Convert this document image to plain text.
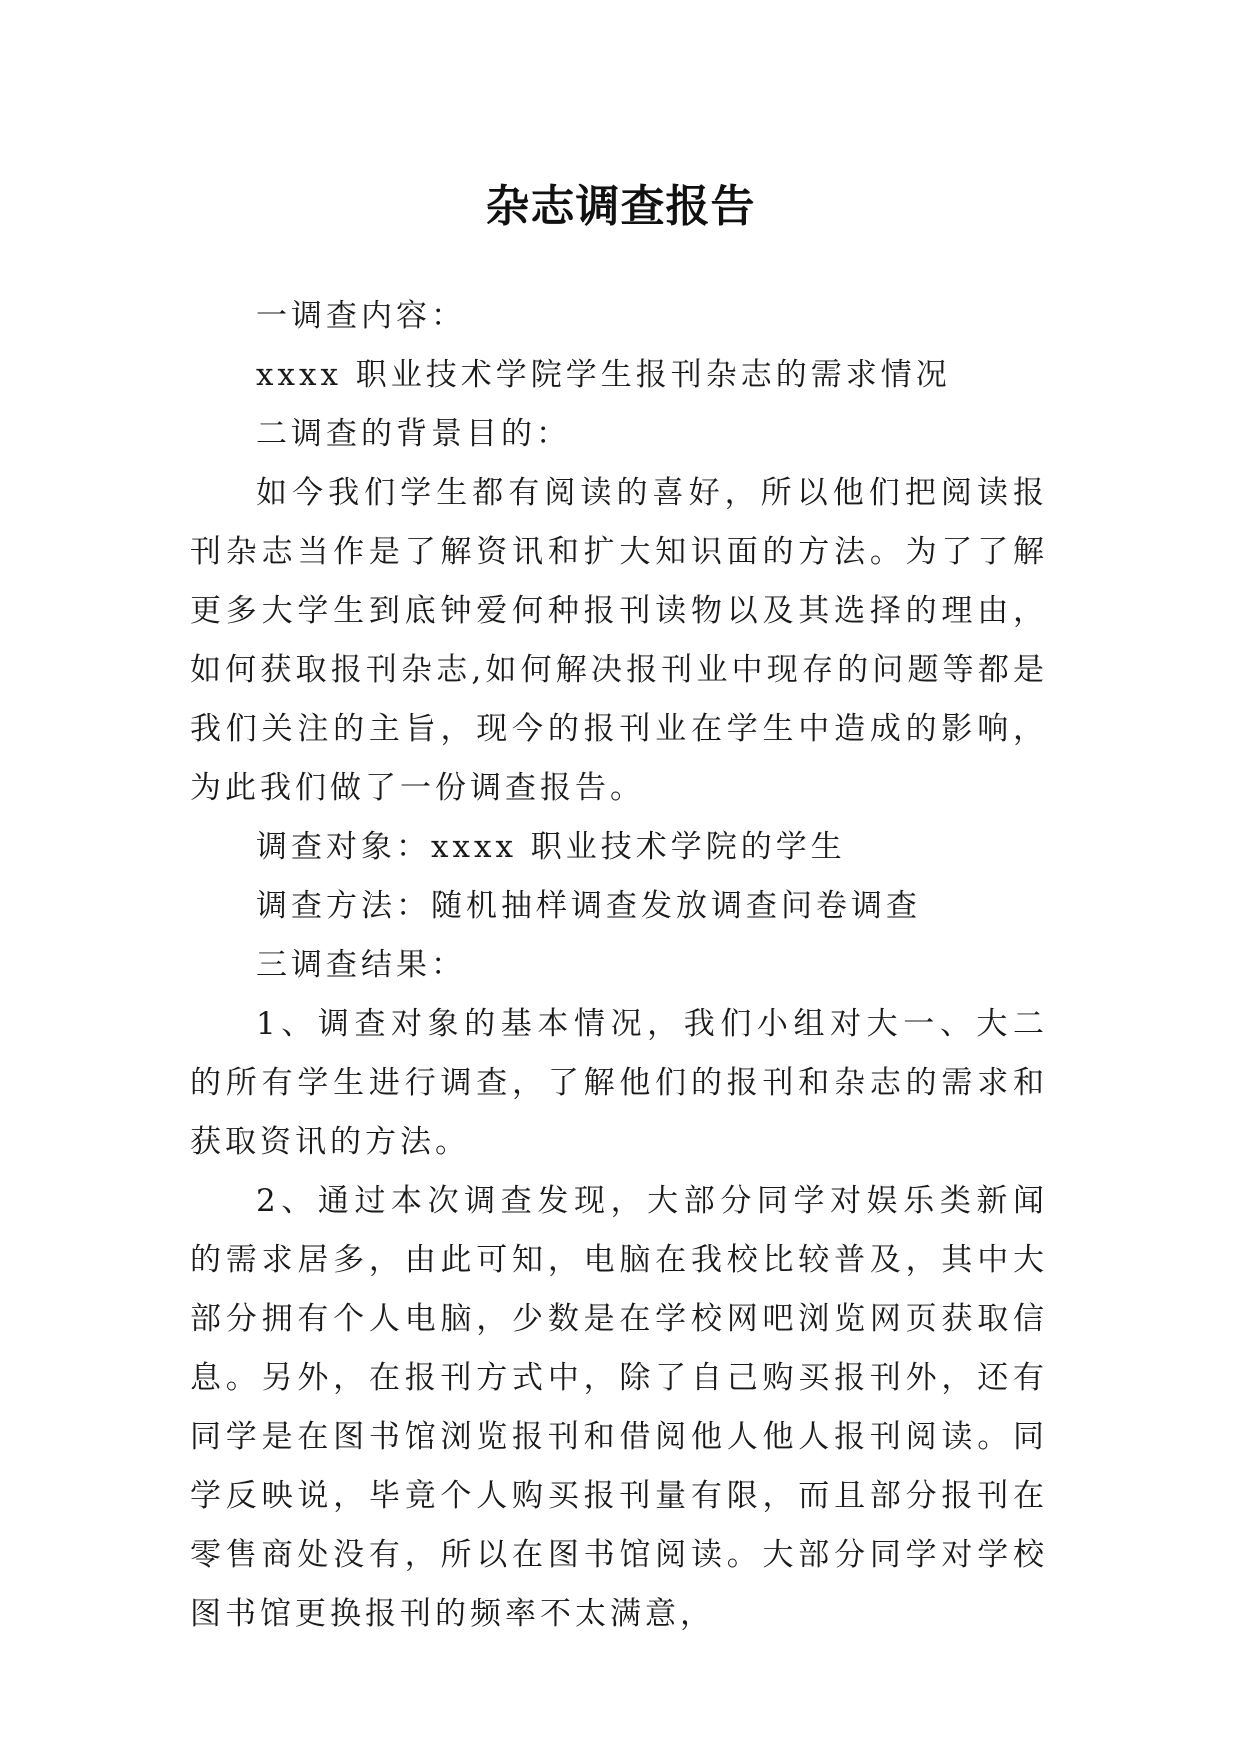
杂志调查报告

一调查内容：

xxxx 职业技术学院学生报刊杂志的需求情况

二调查的背景目的：

如今我们学生都有阅读的喜好，所以他们把阅读报刊杂志当作是了解资讯和扩大知识面的方法。为了了解更多大学生到底钟爱何种报刊读物以及其选择的理由，如何获取报刊杂志,如何解决报刊业中现存的问题等都是我们关注的主旨，现今的报刊业在学生中造成的影响，为此我们做了一份调查报告。

调查对象：xxxx 职业技术学院的学生

调查方法：随机抽样调查发放调查问卷调查

三调查结果：

1、调查对象的基本情况，我们小组对大一、大二的所有学生进行调查，了解他们的报刊和杂志的需求和获取资讯的方法。

2、通过本次调查发现，大部分同学对娱乐类新闻的需求居多，由此可知，电脑在我校比较普及，其中大部分拥有个人电脑，少数是在学校网吧浏览网页获取信息。另外，在报刊方式中，除了自己购买报刊外，还有同学是在图书馆浏览报刊和借阅他人他人报刊阅读。同学反映说，毕竟个人购买报刊量有限，而且部分报刊在零售商处没有，所以在图书馆阅读。大部分同学对学校图书馆更换报刊的频率不太满意，
